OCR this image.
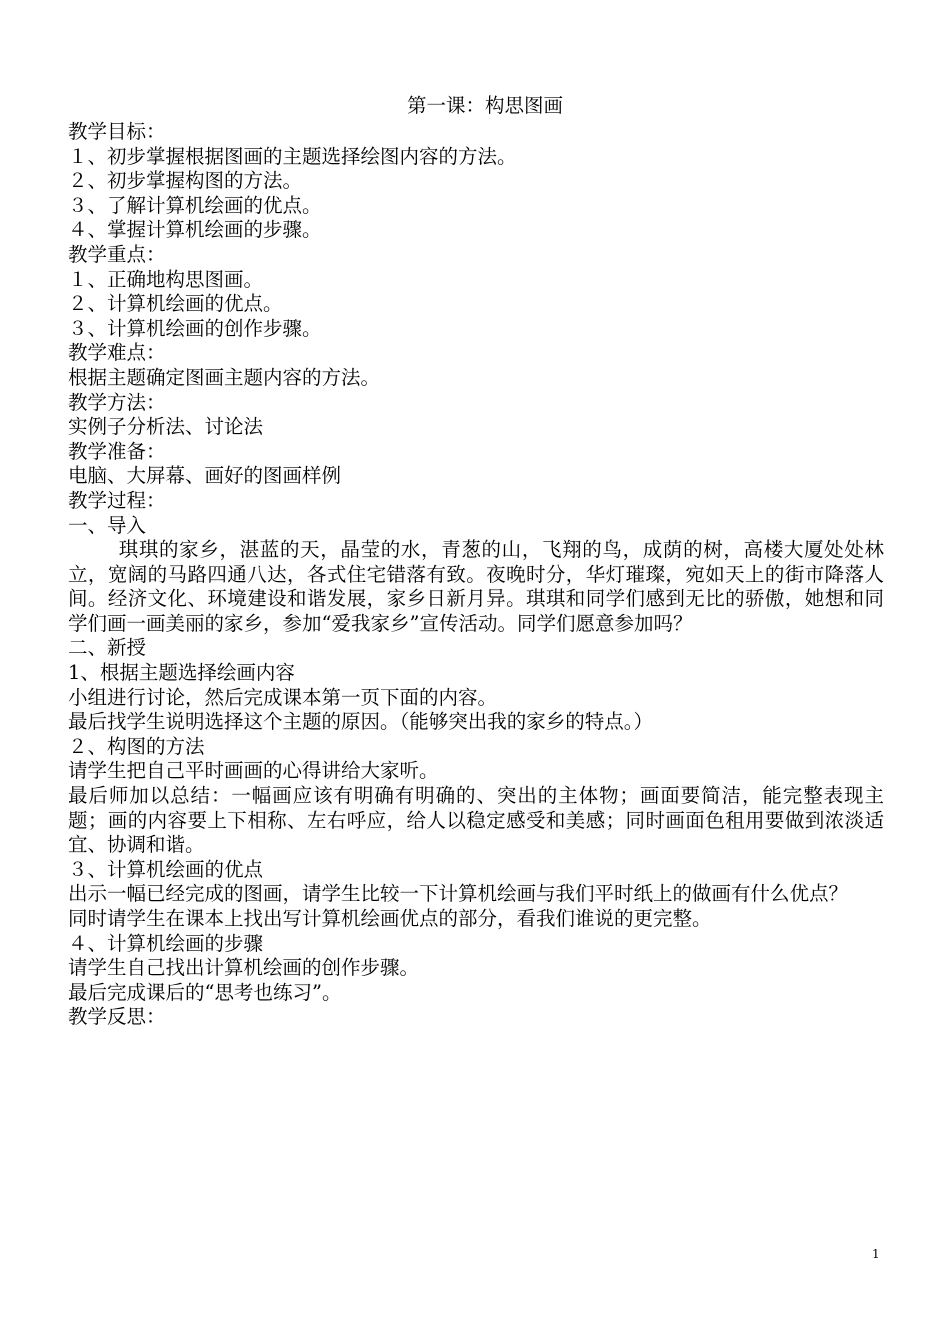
第一课：构思图画

教学目标：

１、初步掌握根据图画的主题选择绘图内容的方法。

２、初步掌握构图的方法。

３、了解计算机绘画的优点。

４、掌握计算机绘画的步骤。

教学重点：

１、正确地构思图画。

２、计算机绘画的优点。

３、计算机绘画的创作步骤。

教学难点：

根据主题确定图画主题内容的方法。

教学方法：

实例子分析法、讨论法

教学准备：

电脑、大屏幕、画好的图画样例

教学过程：

一、导入

琪琪的家乡，湛蓝的天，晶莹的水，青葱的山，飞翔的鸟，成荫的树，高楼大厦处处林立，宽阔的马路四通八达，各式住宅错落有致。夜晚时分，华灯璀璨，宛如天上的街市降落人间。经济文化、环境建设和谐发展，家乡日新月异。琪琪和同学们感到无比的骄傲，她想和同学们画一画美丽的家乡，参加“爱我家乡”宣传活动。同学们愿意参加吗？

二、新授

1、根据主题选择绘画内容

小组进行讨论，然后完成课本第一页下面的内容。

最后找学生说明选择这个主题的原因。（能够突出我的家乡的特点。）

２、构图的方法

请学生把自己平时画画的心得讲给大家听。

最后师加以总结：一幅画应该有明确有明确的、突出的主体物；画面要简洁，能完整表现主题；画的内容要上下相称、左右呼应，给人以稳定感受和美感；同时画面色租用要做到浓淡适宜、协调和谐。

３、计算机绘画的优点

出示一幅已经完成的图画，请学生比较一下计算机绘画与我们平时纸上的做画有什么优点？

同时请学生在课本上找出写计算机绘画优点的部分，看我们谁说的更完整。

４、计算机绘画的步骤

请学生自己找出计算机绘画的创作步骤。

最后完成课后的“思考也练习”。

教学反思：

1
